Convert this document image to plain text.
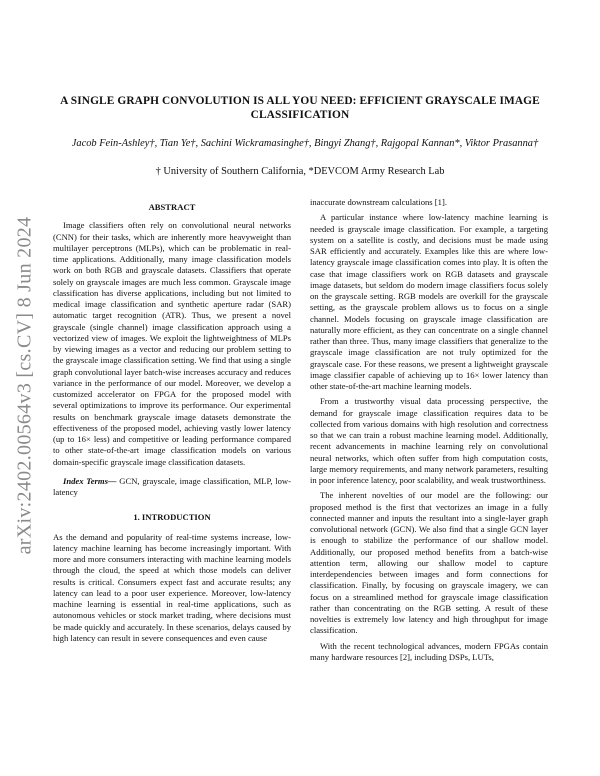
arXiv:2402.00564v3 [cs.CV] 8 Jun 2024
A SINGLE GRAPH CONVOLUTION IS ALL YOU NEED: EFFICIENT GRAYSCALE IMAGE CLASSIFICATION
Jacob Fein-Ashley†, Tian Ye†, Sachini Wickramasinghe†, Bingyi Zhang†, Rajgopal Kannan*, Viktor Prasanna†
† University of Southern California, *DEVCOM Army Research Lab
ABSTRACT

Image classifiers often rely on convolutional neural networks (CNN) for their tasks, which are inherently more heavyweight than multilayer perceptrons (MLPs), which can be problematic in real-time applications. Additionally, many image classification models work on both RGB and grayscale datasets. Classifiers that operate solely on grayscale images are much less common. Grayscale image classification has diverse applications, including but not limited to medical image classification and synthetic aperture radar (SAR) automatic target recognition (ATR). Thus, we present a novel grayscale (single channel) image classification approach using a vectorized view of images. We exploit the lightweightness of MLPs by viewing images as a vector and reducing our problem setting to the grayscale image classification setting. We find that using a single graph convolutional layer batch-wise increases accuracy and reduces variance in the performance of our model. Moreover, we develop a customized accelerator on FPGA for the proposed model with several optimizations to improve its performance. Our experimental results on benchmark grayscale image datasets demonstrate the effectiveness of the proposed model, achieving vastly lower latency (up to 16× less) and competitive or leading performance compared to other state-of-the-art image classification models on various domain-specific grayscale image classification datasets.

Index Terms— GCN, grayscale, image classification, MLP, low-latency

1. INTRODUCTION

As the demand and popularity of real-time systems increase, low-latency machine learning has become increasingly important. With more and more consumers interacting with machine learning models through the cloud, the speed at which those models can deliver results is critical. Consumers expect fast and accurate results; any latency can lead to a poor user experience. Moreover, low-latency machine learning is essential in real-time applications, such as autonomous vehicles or stock market trading, where decisions must be made quickly and accurately. In these scenarios, delays caused by high latency can result in severe consequences and even cause

inaccurate downstream calculations [1].

A particular instance where low-latency machine learning is needed is grayscale image classification. For example, a targeting system on a satellite is costly, and decisions must be made using SAR efficiently and accurately. Examples like this are where low-latency grayscale image classification comes into play. It is often the case that image classifiers work on RGB datasets and grayscale image datasets, but seldom do modern image classifiers focus solely on the grayscale setting. RGB models are overkill for the grayscale setting, as the grayscale problem allows us to focus on a single channel. Models focusing on grayscale image classification are naturally more efficient, as they can concentrate on a single channel rather than three. Thus, many image classifiers that generalize to the grayscale image classification are not truly optimized for the grayscale case. For these reasons, we present a lightweight grayscale image classifier capable of achieving up to 16× lower latency than other state-of-the-art machine learning models.

From a trustworthy visual data processing perspective, the demand for grayscale image classification requires data to be collected from various domains with high resolution and correctness so that we can train a robust machine learning model. Additionally, recent advancements in machine learning rely on convolutional neural networks, which often suffer from high computation costs, large memory requirements, and many network parameters, resulting in poor inference latency, poor scalability, and weak trustworthiness.

The inherent novelties of our model are the following: our proposed method is the first that vectorizes an image in a fully connected manner and inputs the resultant into a single-layer graph convolutional network (GCN). We also find that a single GCN layer is enough to stabilize the performance of our shallow model. Additionally, our proposed method benefits from a batch-wise attention term, allowing our shallow model to capture interdependencies between images and form connections for classification. Finally, by focusing on grayscale imagery, we can focus on a streamlined method for grayscale image classification rather than concentrating on the RGB setting. A result of these novelties is extremely low latency and high throughput for image classification.

With the recent technological advances, modern FPGAs contain many hardware resources [2], including DSPs, LUTs,
